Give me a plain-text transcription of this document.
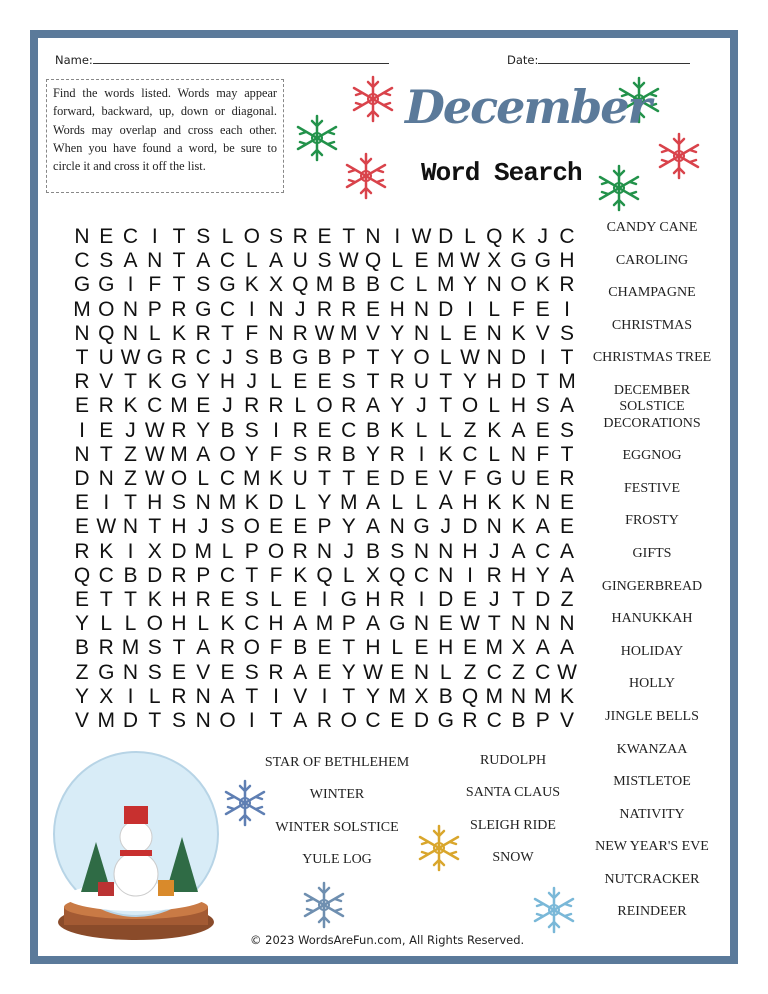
Name:	Date:
Find the words listed. Words may appear forward, backward, up, down or diagonal. Words may overlap and cross each other. When you have found a word, be sure to circle it and cross it off the list.
December
Word Search
N E C I T S L O S R E T N I W D L Q K J C
C S A N T A C L A U S W Q L E M W X G G H
G G I F T S G K X Q M B B C L M Y N O K R
M O N P R G C I N J R R E H N D I L F E I
N Q N L K R T F N R W M V Y N L E N K V S
T U W G R C J S B G B P T Y O L W N D I T
R V T K G Y H J L E E S T R U T Y H D T M
E R K C M E J R R L O R A Y J T O L H S A
I E J W R Y B S I R E C B K L L Z K A E S
N T Z W M A O Y F S R B Y R I K C L N F T
D N Z W O L C M K U T T E D E V F G U E R
E I T H S N M K D L Y M A L L A H K K N E
E W N T H J S O E E P Y A N G J D N K A E
R K I X D M L P O R N J B S N N H J A C A
Q C B D R P C T F K Q L X Q C N I R H Y A
E T T K H R E S L E I G H R I D E J T D Z
Y L L O H L K C H A M P A G N E W T N N N
B R M S T A R O F B E T H L E H E M X A A
Z G N S E V E S R A E Y W E N L Z C Z C W
Y X I L R N A T I V I T Y M X B Q M N M K
V M D T S N O I T A R O C E D G R C B P V
CANDY CANE
CAROLING
CHAMPAGNE
CHRISTMAS
CHRISTMAS TREE
DECEMBER SOLSTICE
DECORATIONS
EGGNOG
FESTIVE
FROSTY
GIFTS
GINGERBREAD
HANUKKAH
HOLIDAY
HOLLY
JINGLE BELLS
KWANZAA
MISTLETOE
NATIVITY
NEW YEAR'S EVE
NUTCRACKER
REINDEER
STAR OF BETHLEHEM
WINTER
WINTER SOLSTICE
YULE LOG
RUDOLPH
SANTA CLAUS
SLEIGH RIDE
SNOW
© 2023 WordsAreFun.com, All Rights Reserved.
